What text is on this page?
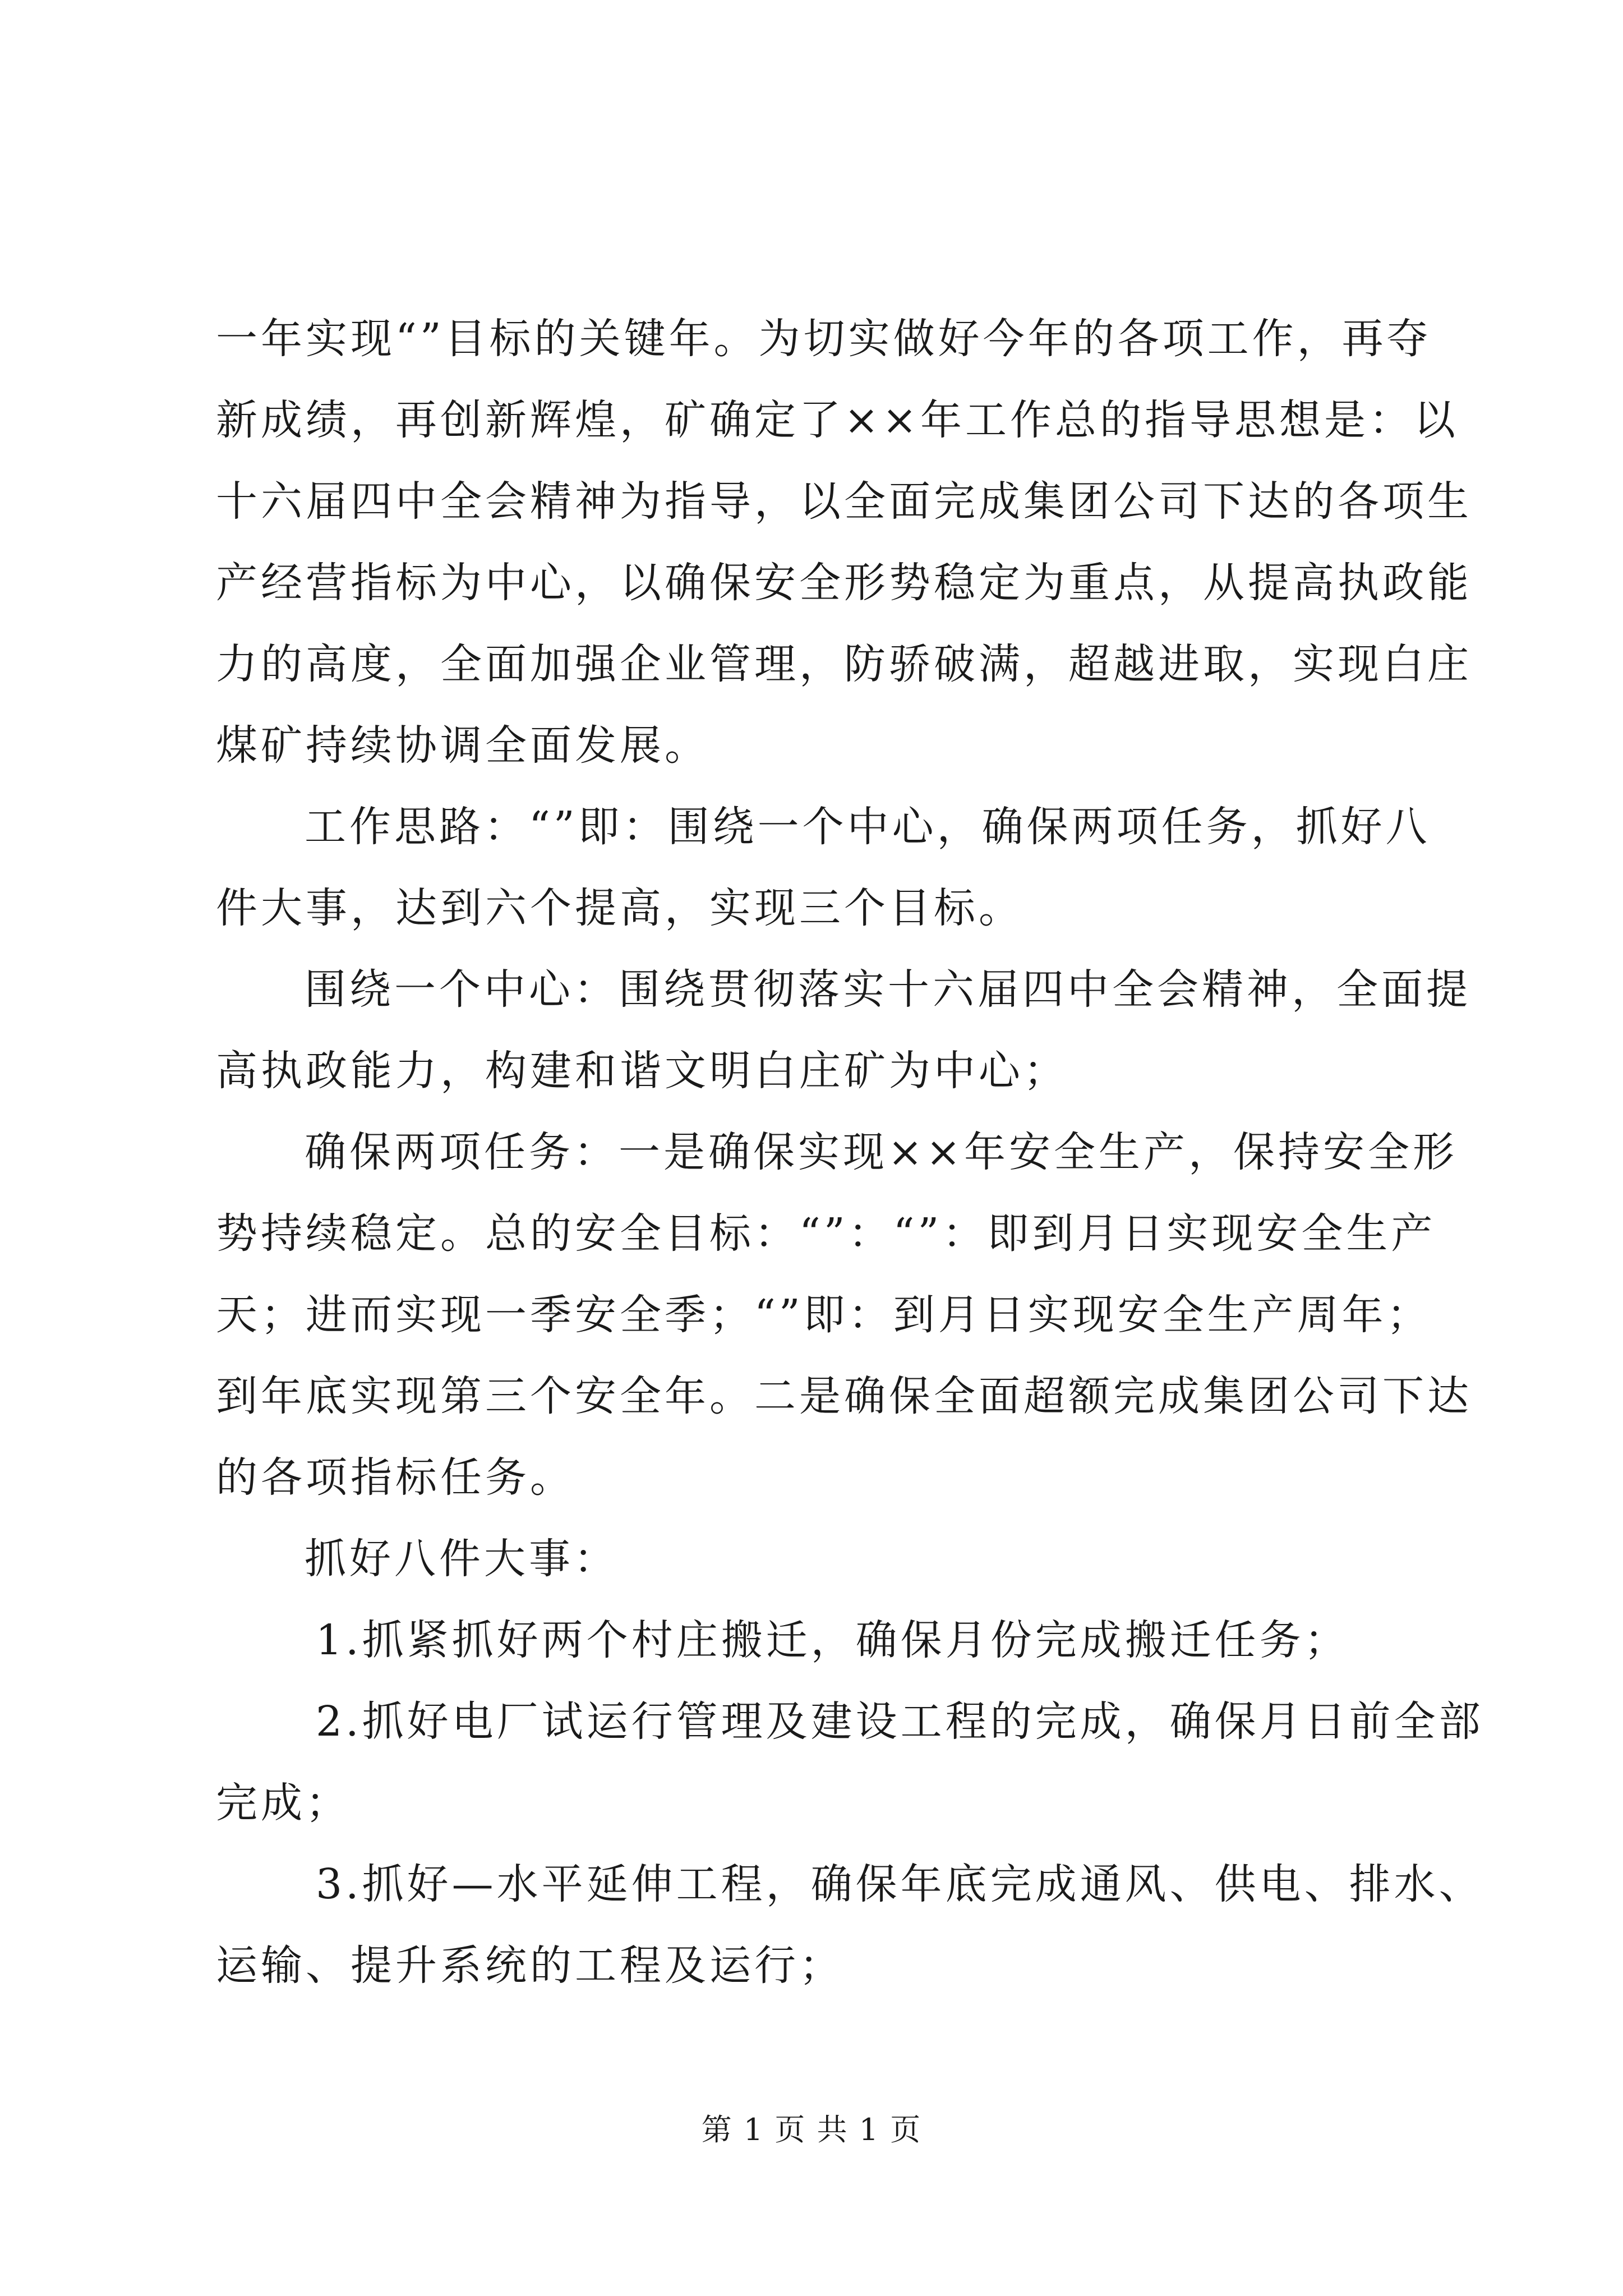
一年实现“”目标的关键年。为切实做好今年的各项工作，再夺
新成绩，再创新辉煌，矿确定了××年工作总的指导思想是：以
十六届四中全会精神为指导，以全面完成集团公司下达的各项生
产经营指标为中心，以确保安全形势稳定为重点，从提高执政能
力的高度，全面加强企业管理，防骄破满，超越进取，实现白庄
煤矿持续协调全面发展。

工作思路：“”即：围绕一个中心，确保两项任务，抓好八
件大事，达到六个提高，实现三个目标。

围绕一个中心：围绕贯彻落实十六届四中全会精神，全面提
高执政能力，构建和谐文明白庄矿为中心；

确保两项任务：一是确保实现××年安全生产，保持安全形
势持续稳定。总的安全目标：“”：“”：即到月日实现安全生产
天；进而实现一季安全季；“”即：到月日实现安全生产周年；
到年底实现第三个安全年。二是确保全面超额完成集团公司下达
的各项指标任务。

抓好八件大事：

1.抓紧抓好两个村庄搬迁，确保月份完成搬迁任务；

2.抓好电厂试运行管理及建设工程的完成，确保月日前全部
完成；

3.抓好—水平延伸工程，确保年底完成通风、供电、排水、
运输、提升系统的工程及运行；

第 1 页 共 1 页
